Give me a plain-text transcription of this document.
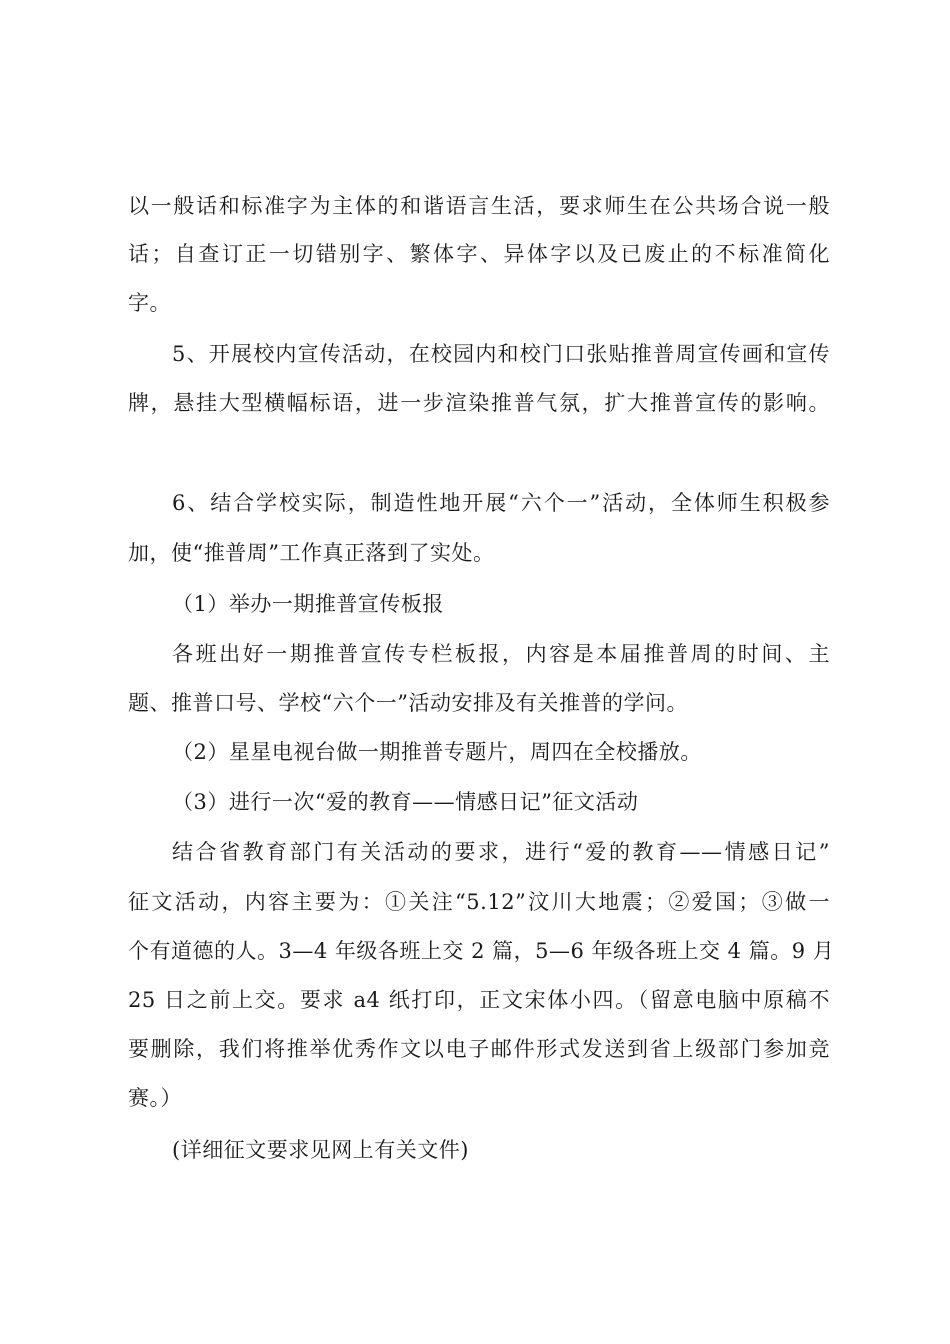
以一般话和标准字为主体的和谐语言生活，要求师生在公共场合说一般
话；自查订正一切错别字、繁体字、异体字以及已废止的不标准简化
字。
5、开展校内宣传活动，在校园内和校门口张贴推普周宣传画和宣传
牌，悬挂大型横幅标语，进一步渲染推普气氛，扩大推普宣传的影响。
6、结合学校实际，制造性地开展“六个一”活动，全体师生积极参
加，使“推普周”工作真正落到了实处。
（1）举办一期推普宣传板报
各班出好一期推普宣传专栏板报，内容是本届推普周的时间、主
题、推普口号、学校“六个一”活动安排及有关推普的学问。
（2）星星电视台做一期推普专题片，周四在全校播放。
（3）进行一次“爱的教育——情感日记”征文活动
结合省教育部门有关活动的要求，进行“爱的教育——情感日记”
征文活动，内容主要为：①关注“5.12”汶川大地震；②爱国；③做一
个有道德的人。3—4 年级各班上交 2 篇，5—6 年级各班上交 4 篇。9 月
25 日之前上交。要求 a4 纸打印，正文宋体小四。（留意电脑中原稿不
要删除，我们将推举优秀作文以电子邮件形式发送到省上级部门参加竞
赛。）
(详细征文要求见网上有关文件)
